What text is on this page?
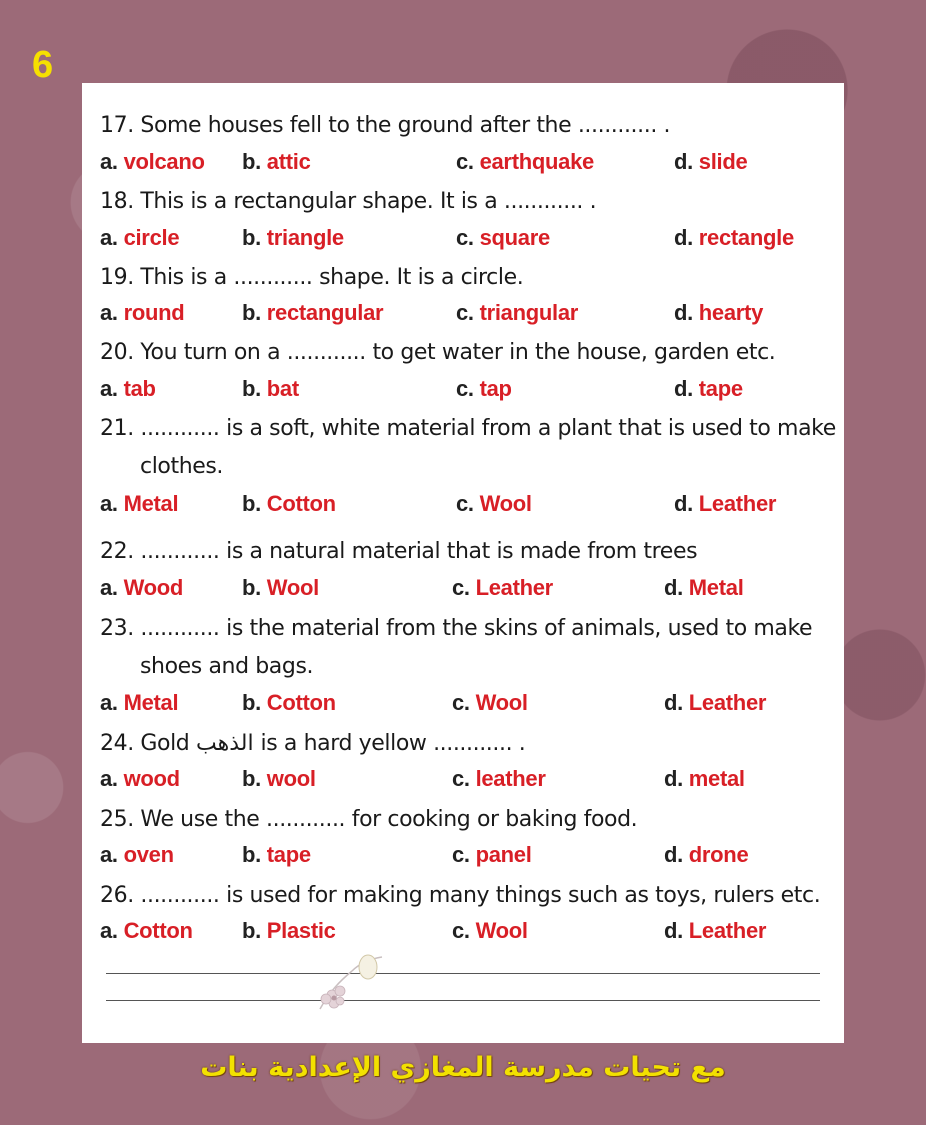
6
17. Some houses fell to the ground after the ............ .
a. volcano b. attic	c. earthquake	d. slide
18. This is a rectangular shape. It is a ............ .
a. circle	b. triangle	c. square	d. rectangle
19. This is a ............ shape. It is a circle.
a. round	b. rectangular	c. triangular	d. hearty
20. You turn on a ............ to get water in the house, garden etc.
a. tab	b. bat	c. tap	d. tape
21. ............ is a soft, white material from a plant that is used to make
clothes.
a. Metal	b. Cotton	c. Wool	d. Leather
22. ............ is a natural material that is made from trees
a. Wood	b. Wool	c. Leather	d. Metal
23. ............ is the material from the skins of animals, used to make
shoes and bags.
a. Metal	b. Cotton	c. Wool	d. Leather
24. Gold الذهب is a hard yellow ............ .
a. wood	b. wool	c. leather	d. metal
25. We use the ............ for cooking or baking food.
a. oven	b. tape	c. panel	d. drone
26. ............ is used for making many things such as toys, rulers etc.
a. Cotton b. Plastic	c. Wool	d. Leather
مع تحيات مدرسة المغازي الإعدادية بنات
